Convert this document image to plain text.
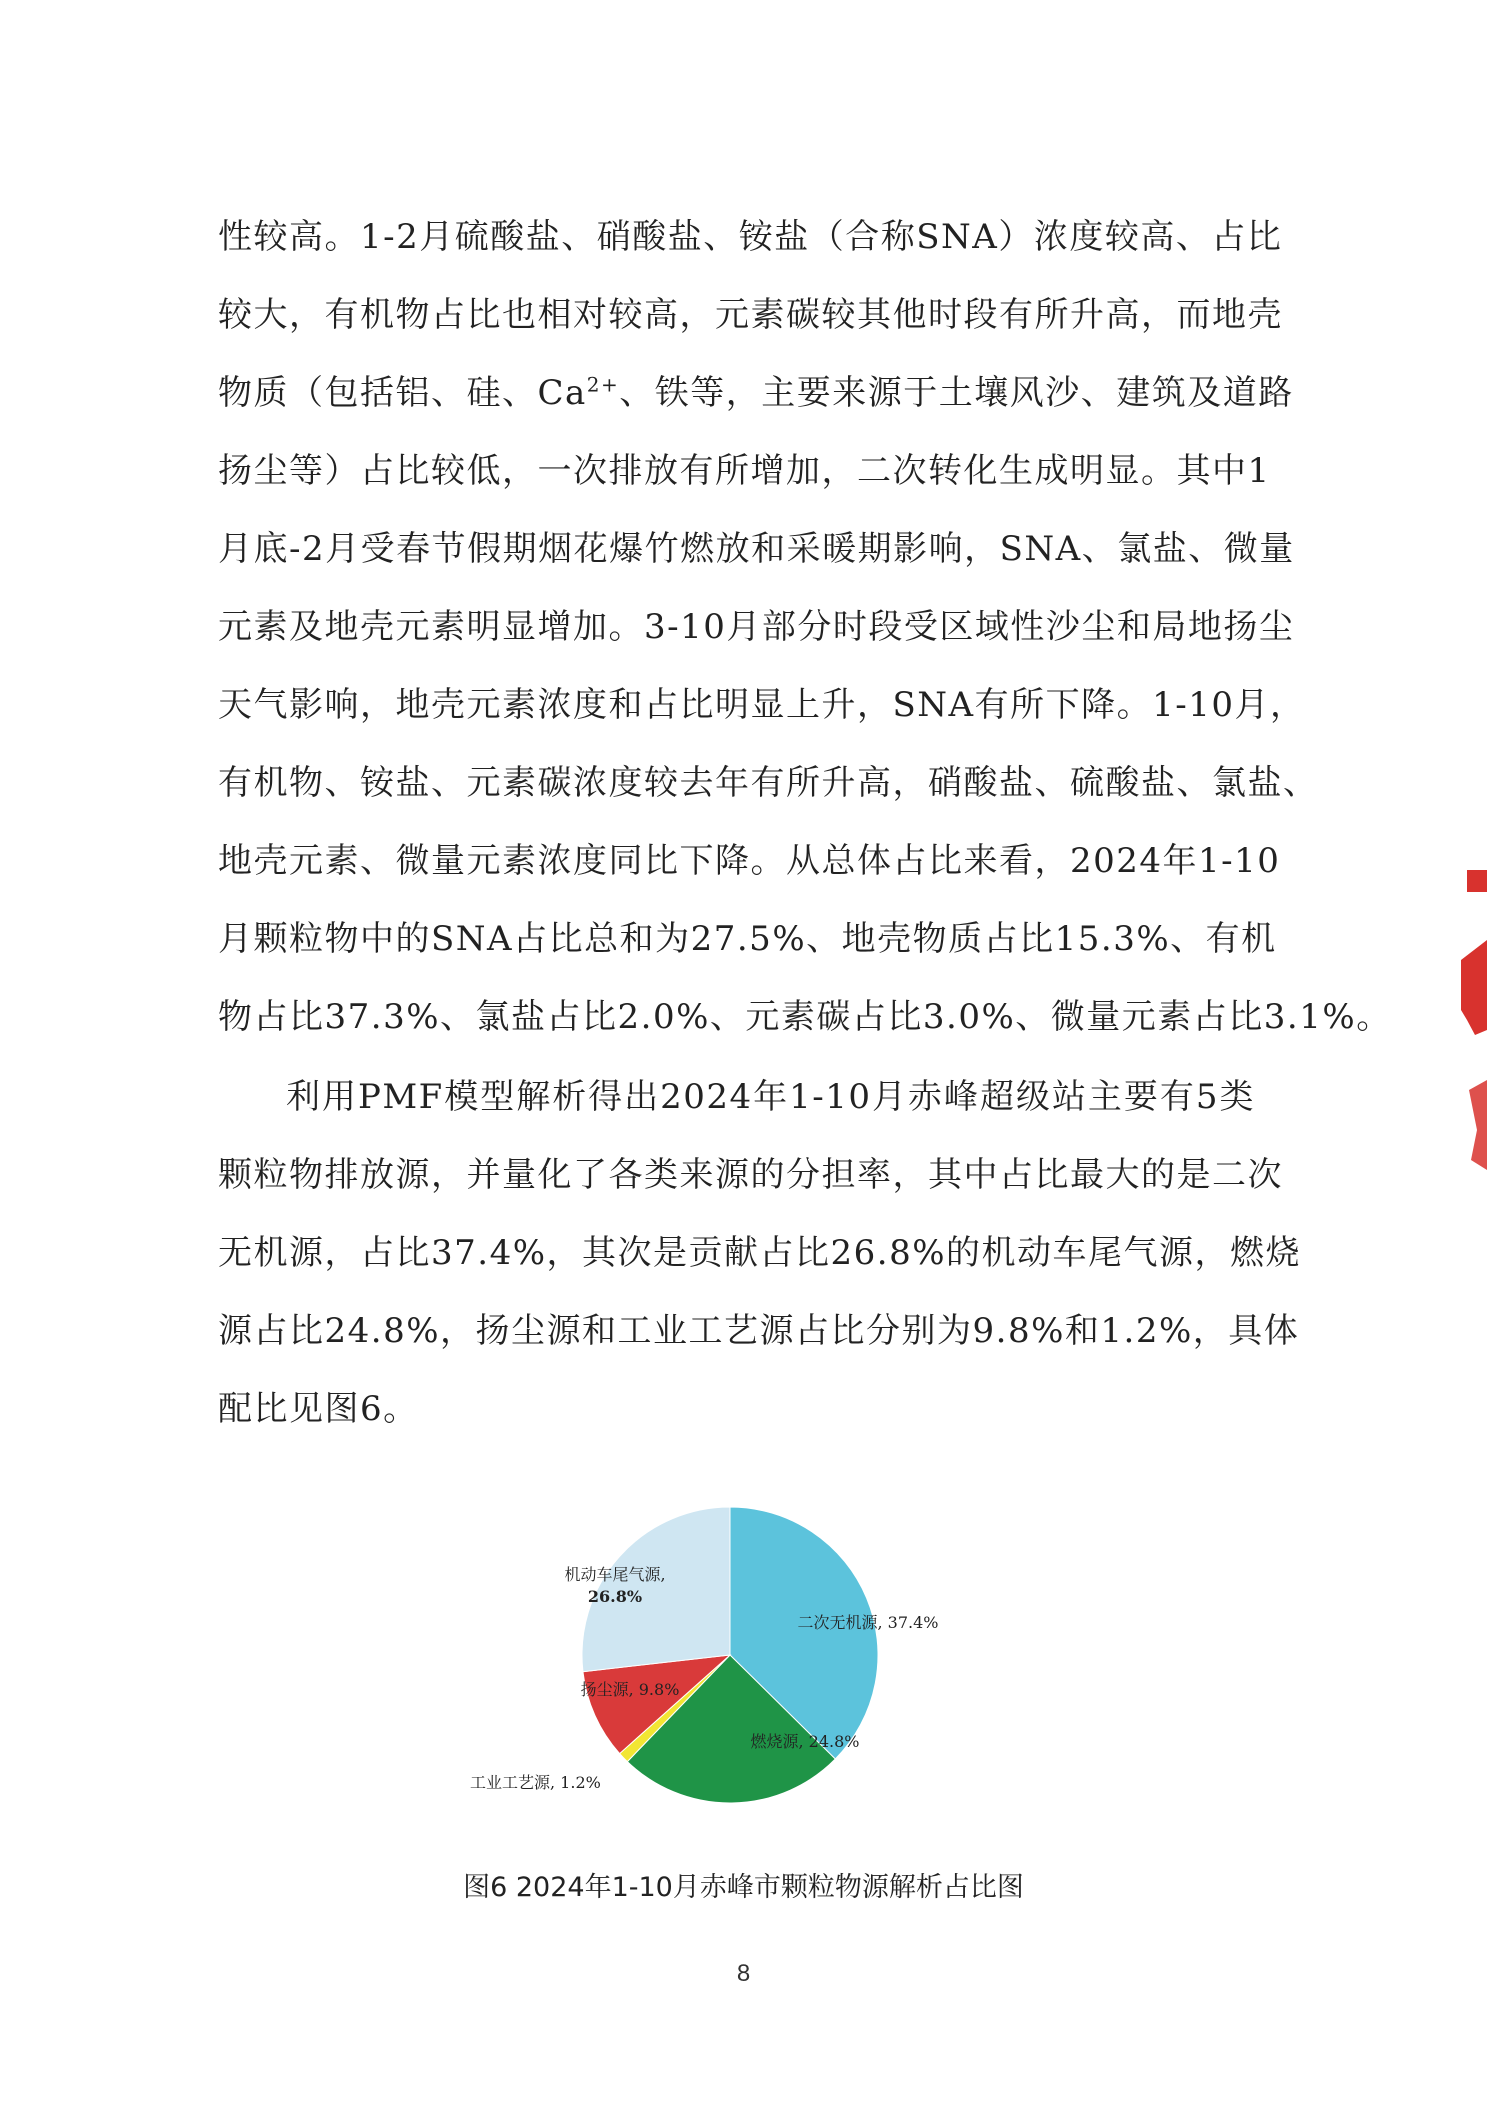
性 较 高 。 1-2 月 硫 酸 盐 、 硝 酸 盐 、 铵 盐 （ 合 称 SNA ） 浓 度 较 高 、 占 比
较 大 ， 有 机 物 占 比 也 相 对 较 高 ， 元 素 碳 较 其 他 时 段 有 所 升 高 ， 而 地 壳
物 质 （ 包 括 铝 、 硅 、 $Ca^{2+}$ 、 铁 等 ， 主 要 来 源 于 土 壤 风 沙 、 建 筑 及 道 路
扬 尘 等 ） 占 比 较 低 ， 一 次 排 放 有 所 增 加 ， 二 次 转 化 生 成 明 显 。 其 中 1
月 底 -2 月 受 春 节 假 期 烟 花 爆 竹 燃 放 和 采 暖 期 影 响 ， SNA 、 氯 盐 、 微 量
元 素 及 地 壳 元 素 明 显 增 加 。 3-10 月 部 分 时 段 受 区 域 性 沙 尘 和 局 地 扬 尘
天 气 影 响 ， 地 壳 元 素 浓 度 和 占 比 明 显 上 升 ， SNA 有 所 下 降 。 1-10 月 ，
有 机 物 、 铵 盐 、 元 素 碳 浓 度 较 去 年 有 所 升 高 ， 硝 酸 盐 、 硫 酸 盐 、 氯 盐 、
地 壳 元 素 、 微 量 元 素 浓 度 同 比 下 降 。 从 总 体 占 比 来 看 ， 2024 年 1-10
月 颗 粒 物 中 的 SNA 占 比 总 和 为 27.5% 、 地 壳 物 质 占 比 15.3% 、 有 机
物 占 比 37.3% 、 氯 盐 占 比 2.0% 、 元 素 碳 占 比 3.0% 、 微 量 元 素 占 比 3.1% 。
利 用 PMF 模 型 解 析 得 出 2024 年 1-10 月 赤 峰 超 级 站 主 要 有 5 类
颗 粒 物 排 放 源 ， 并 量 化 了 各 类 来 源 的 分 担 率 ， 其 中 占 比 最 大 的 是 二 次
无 机 源 ， 占 比 37.4% ， 其 次 是 贡 献 占 比 26.8% 的 机 动 车 尾 气 源 ， 燃 烧
源 占 比 24.8% ， 扬 尘 源 和 工 业 工 艺 源 占 比 分 别 为 9.8% 和 1.2% ， 具 体
配 比 见 图 6 。
二次无机源, 37.4%
燃烧源, 24.8%
工业工艺源, 1.2%
扬尘源, 9.8%
机动车尾气源, 26.8%
图6 2024年1-10月赤峰市颗粒物源解析占比图
8
